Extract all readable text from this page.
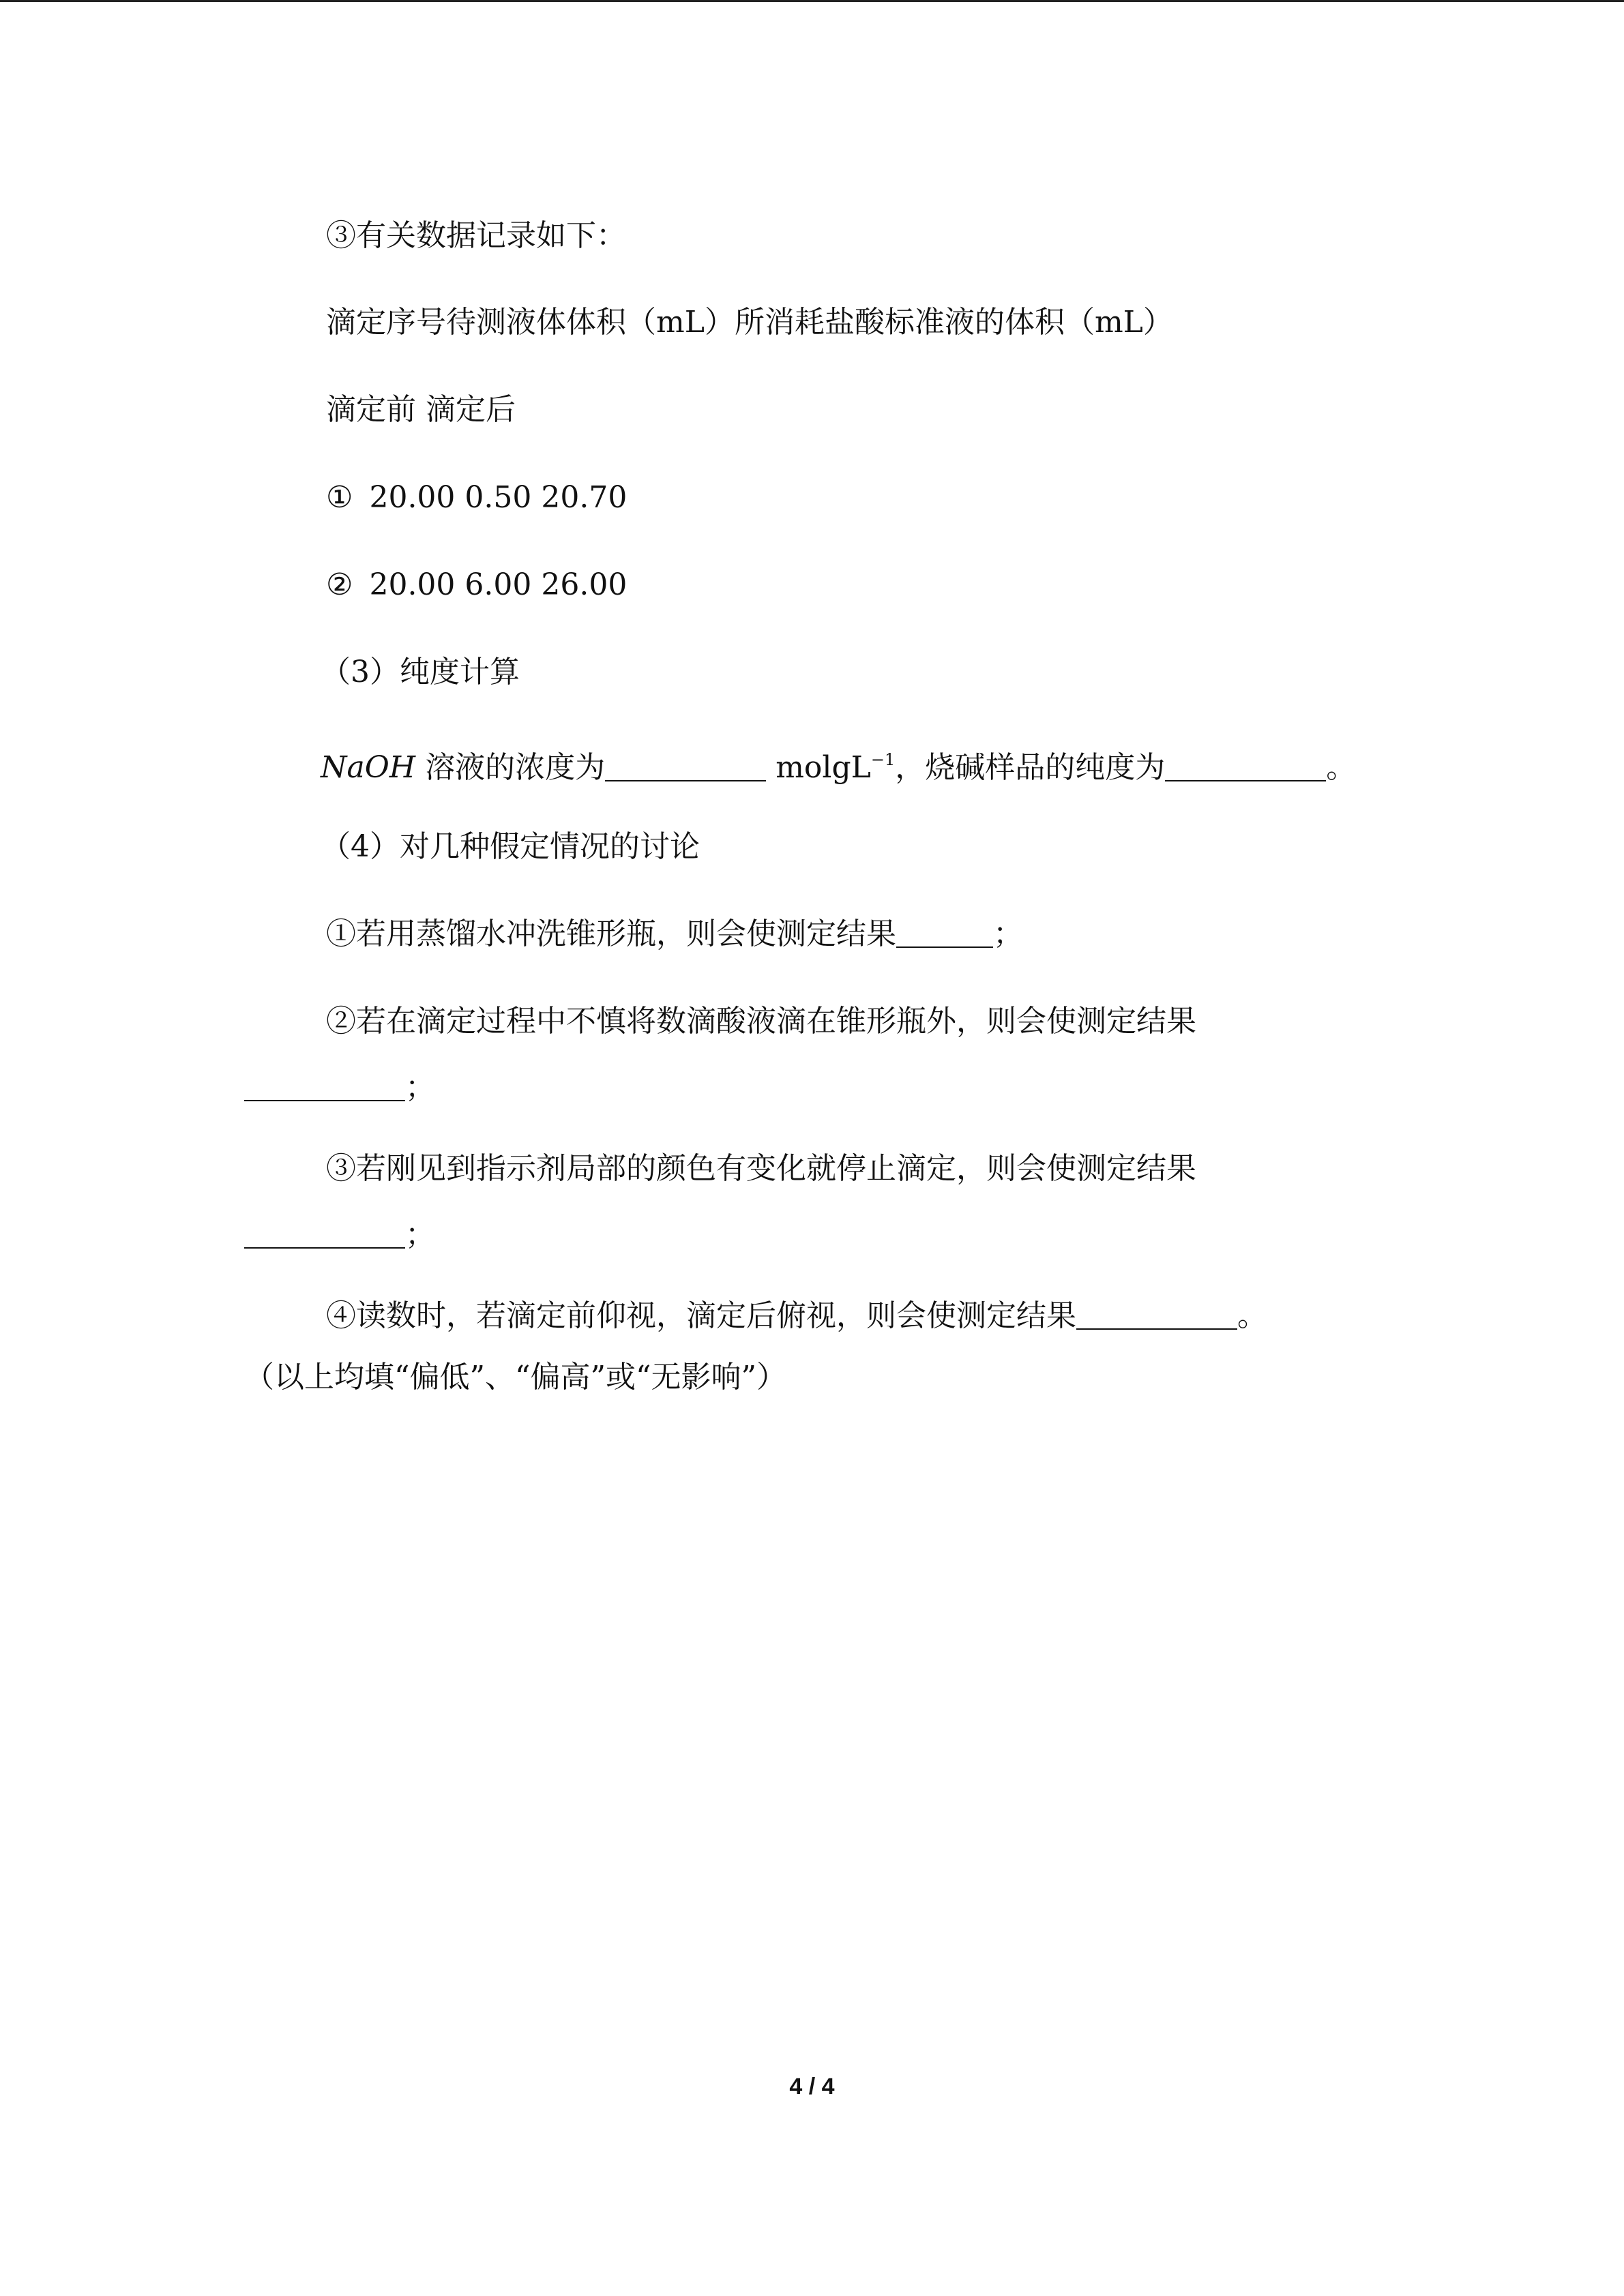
③有关数据记录如下：
滴定序号待测液体体积（mL）所消耗盐酸标准液的体积（mL）
滴定前 滴定后
① 20.00 0.50 20.70
② 20.00 6.00 26.00
（3）纯度计算
NaOH 溶液的浓度为	molgL$^{-1}$，烧碱样品的纯度为	。
（4）对几种假定情况的讨论
①若用蒸馏水冲洗锥形瓶，则会使测定结果	；
②若在滴定过程中不慎将数滴酸液滴在锥形瓶外，则会使测定结果
；
③若刚见到指示剂局部的颜色有变化就停止滴定，则会使测定结果
；
④读数时，若滴定前仰视，滴定后俯视，则会使测定结果	。
（以上均填“偏低”、“偏高”或“无影响”）
4 / 4
